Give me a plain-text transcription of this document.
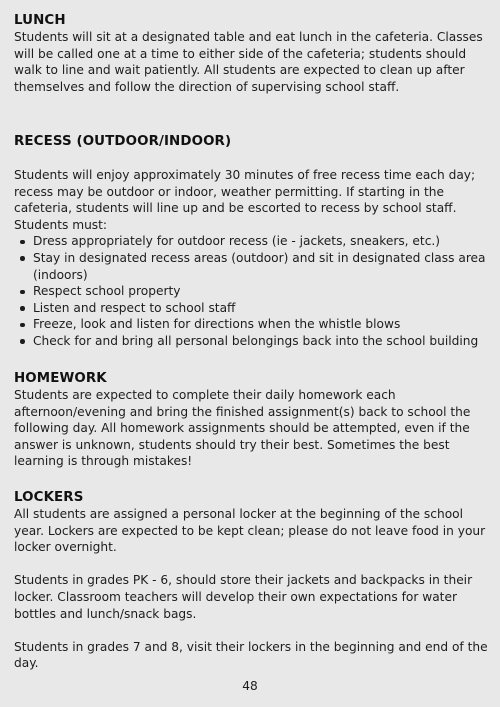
LUNCH

Students will sit at a designated table and eat lunch in the cafeteria. Classes will be called one at a time to either side of the cafeteria; students should walk to line and wait patiently. All students are expected to clean up after themselves and follow the direction of supervising school staff.

RECESS (OUTDOOR/INDOOR)

Students will enjoy approximately 30 minutes of free recess time each day; recess may be outdoor or indoor, weather permitting. If starting in the cafeteria, students will line up and be escorted to recess by school staff. Students must:

Dress appropriately for outdoor recess (ie - jackets, sneakers, etc.)
Stay in designated recess areas (outdoor) and sit in designated class area (indoors)
Respect school property
Listen and respect to school staff
Freeze, look and listen for directions when the whistle blows
Check for and bring all personal belongings back into the school building
HOMEWORK

Students are expected to complete their daily homework each afternoon/evening and bring the finished assignment(s) back to school the following day. All homework assignments should be attempted, even if the answer is unknown, students should try their best. Sometimes the best learning is through mistakes!

LOCKERS

All students are assigned a personal locker at the beginning of the school year. Lockers are expected to be kept clean; please do not leave food in your locker overnight.

Students in grades PK - 6, should store their jackets and backpacks in their locker. Classroom teachers will develop their own expectations for water bottles and lunch/snack bags.

Students in grades 7 and 8, visit their lockers in the beginning and end of the day.

48
